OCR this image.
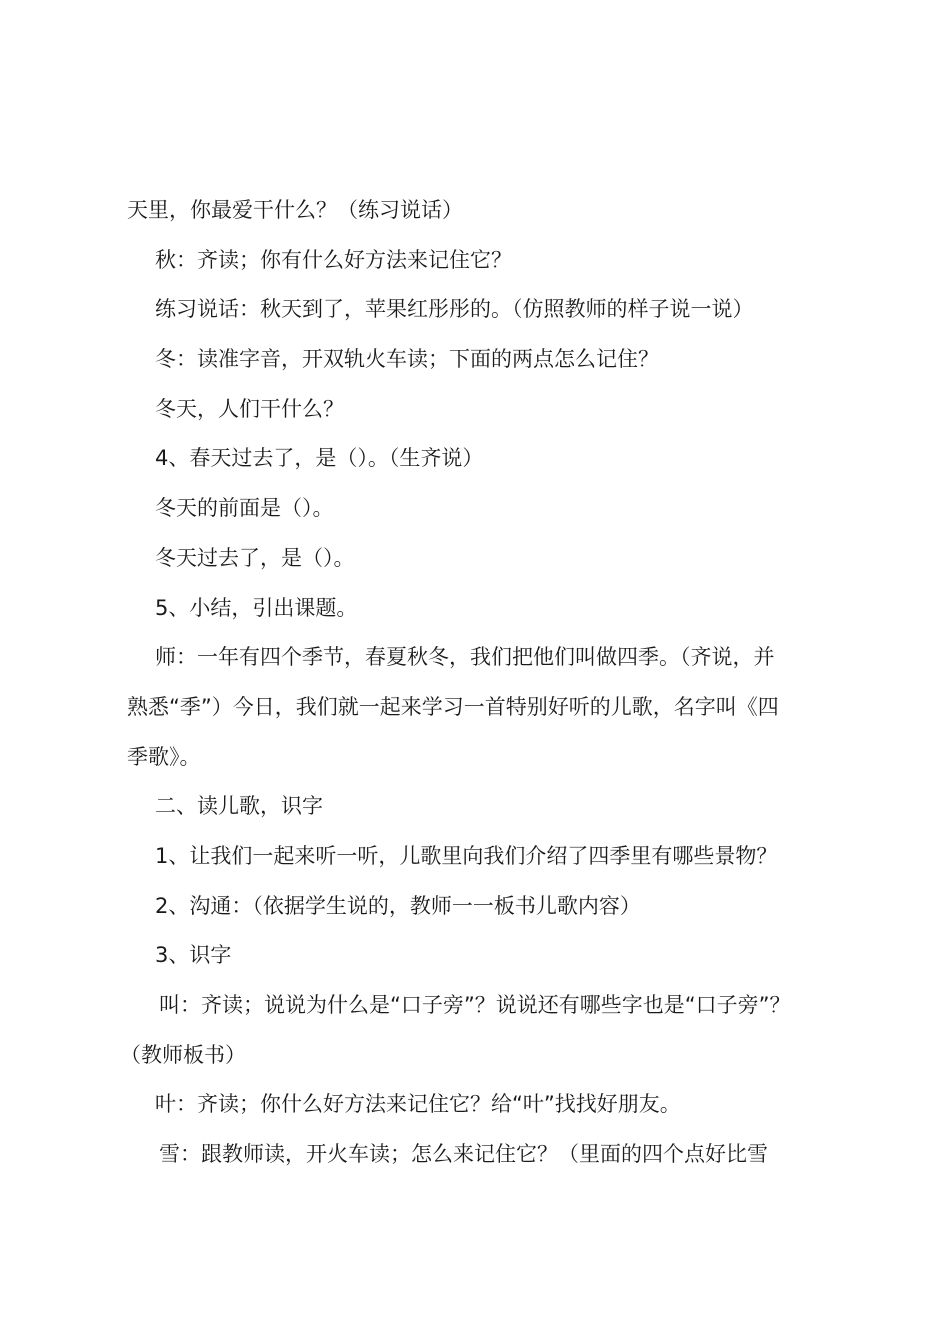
天里，你最爱干什么？（练习说话）
秋：齐读；你有什么好方法来记住它？
练习说话：秋天到了，苹果红彤彤的。（仿照教师的样子说一说）
冬：读准字音，开双轨火车读；下面的两点怎么记住？
冬天，人们干什么？
4、春天过去了，是（）。（生齐说）
冬天的前面是（）。
冬天过去了，是（）。
5、小结，引出课题。
师：一年有四个季节，春夏秋冬，我们把他们叫做四季。（齐说，并
熟悉“季”）今日，我们就一起来学习一首特别好听的儿歌，名字叫《四
季歌》。
二、读儿歌，识字
1、让我们一起来听一听，儿歌里向我们介绍了四季里有哪些景物？
2、沟通：（依据学生说的，教师一一板书儿歌内容）
3、识字
叫：齐读；说说为什么是“口子旁”？说说还有哪些字也是“口子旁”？
（教师板书）
叶：齐读；你什么好方法来记住它？给“叶”找找好朋友。
雪：跟教师读，开火车读；怎么来记住它？（里面的四个点好比雪
